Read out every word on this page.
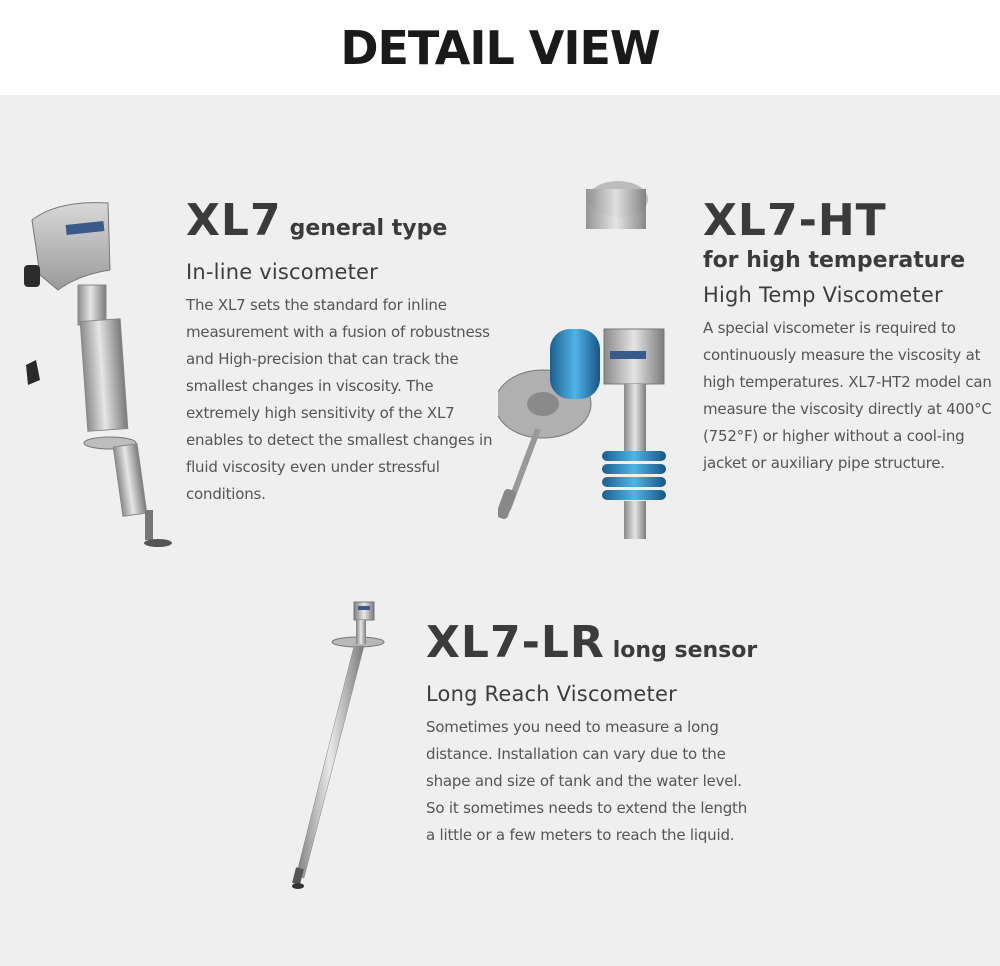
DETAIL VIEW
XL7 general type
In-line viscometer
The XL7 sets the standard for inline measurement with a fusion of robustness and High-precision that can track the smallest changes in viscosity. The extremely high sensitivity of the XL7 enables to detect the smallest changes in fluid viscosity even under stressful conditions.
XL7-HT
for high temperature
High Temp Viscometer
A special viscometer is required to continuously measure the viscosity at high temperatures. XL7-HT2 model can measure the viscosity directly at 400°C (752°F) or higher without a cool-ing jacket or auxiliary pipe structure.
XL7-LR long sensor
Long Reach Viscometer
Sometimes you need to measure a long distance. Installation can vary due to the shape and size of tank and the water level. So it sometimes needs to extend the length a little or a few meters to reach the liquid.
